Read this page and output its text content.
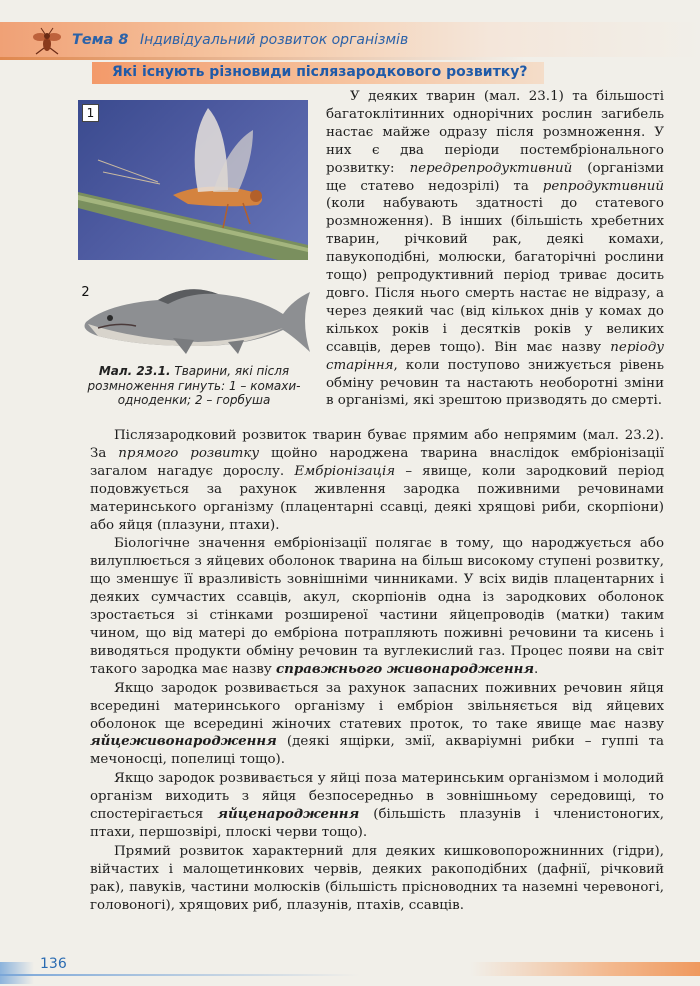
Тема 8 Індивідуальний розвиток організмів
Які існують різновиди післязародкового розвитку?
1
2
Мал. 23.1. Тварини, які після розмноження гинуть: 1 – комахи-одноденки; 2 – горбуша

У деяких тварин (мал. 23.1) та більшості багатоклітинних однорічних рослин загибель настає майже одразу після розмноження. У них є два періоди постембріонального розвитку: передрепродуктивний (організми ще статево недозрілі) та репродуктивний (коли набувають здатності до статевого розмноження). В інших (більшість хребетних тварин, річковий рак, деякі комахи, павукоподібні, молюски, багаторічні рослини тощо) репродуктивний період триває досить довго. Після нього смерть настає не відразу, а через деякий час (від кількох днів у комах до кількох років і десятків років у великих ссавців, дерев тощо). Він має назву періоду старіння, коли поступово знижується рівень обміну речовин та настають необоротні зміни в організмі, які зрештою призводять до смерті.

Післязародковий розвиток тварин буває прямим або непрямим (мал. 23.2). За прямого розвитку щойно народжена тварина внаслідок ембріонізації загалом нагадує дорослу. Ембріонізація – явище, коли зародковий період подовжується за рахунок живлення зародка поживними речовинами материнського організму (плацентарні ссавці, деякі хрящові риби, скорпіони) або яйця (плазуни, птахи).

Біологічне значення ембріонізації полягає в тому, що народжується або вилуплюється з яйцевих оболонок тварина на більш високому ступені розвитку, що зменшує її вразливість зовнішніми чинниками. У всіх видів плацентарних і деяких сумчастих ссавців, акул, скорпіонів одна із зародкових оболонок зростається зі стінками розширеної частини яйцепроводів (матки) таким чином, що від матері до ембріона потрапляють поживні речовини та кисень і виводяться продукти обміну речовин та вуглекислий газ. Процес появи на світ такого зародка має назву справжнього живонародження.

Якщо зародок розвивається за рахунок запасних поживних речовин яйця всередині материнського організму і ембріон звільняється від яйцевих оболонок ще всередині жіночих статевих проток, то таке явище має назву яйцеживонародження (деякі ящірки, змії, акваріумні рибки – гуппі та мечоносці, попелиці тощо).

Якщо зародок розвивається у яйці поза материнським організмом і молодий організм виходить з яйця безпосередньо в зовнішньому середовищі, то спостерігається яйценародження (більшість плазунів і членистоногих, птахи, першозвірі, плоскі черви тощо).

Прямий розвиток характерний для деяких кишковопорожнинних (гідри), війчастих і малощетинкових червів, деяких ракоподібних (дафнії, річковий рак), павуків, частини молюсків (більшість прісноводних та наземні черевоногі, головоногі), хрящових риб, плазунів, птахів, ссавців.

136
